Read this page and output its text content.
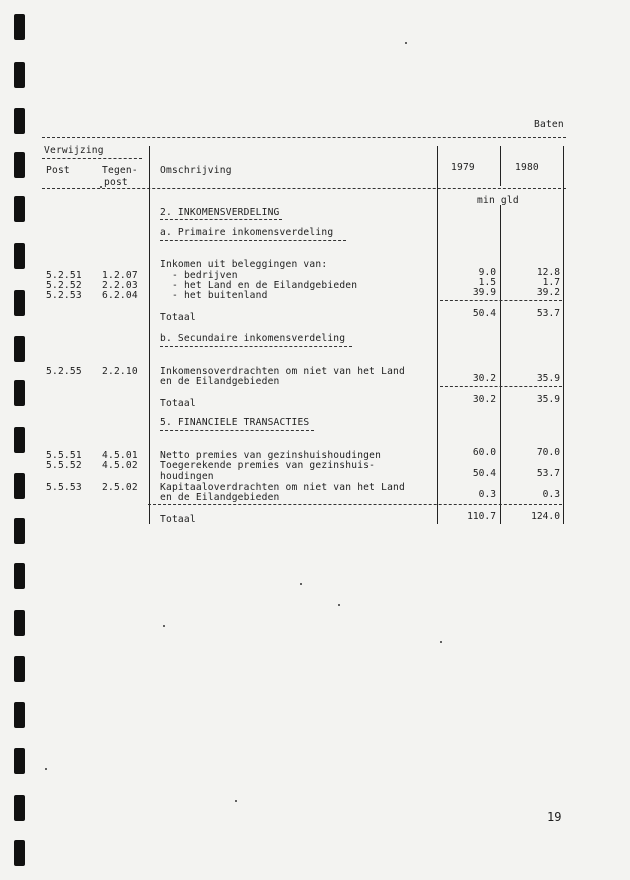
Baten
Verwijzing
Post	Tegen-
post
Omschrijving	1979	1980
min gld
2. INKOMENSVERDELING
a. Primaire inkomensverdeling
Inkomen uit beleggingen van:
5.2.51 1.2.07	- bedrijven	9.0	12.8
5.2.52 2.2.03	- het Land en de Eilandgebieden	1.5	1.7
5.2.53 6.2.04	- het buitenland	39.9	39.2
Totaal	50.4	53.7
b. Secundaire inkomensverdeling
5.2.55 2.2.10 Inkomensoverdrachten om niet van het Land
en de Eilandgebieden	30.2	35.9
Totaal	30.2	35.9
5. FINANCIELE TRANSACTIES
5.5.51 4.5.01 Netto premies van gezinshuishoudingen	60.0	70.0
5.5.52 4.5.02 Toegerekende premies van gezinshuis-
houdingen	50.4	53.7
5.5.53 2.5.02 Kapitaaloverdrachten om niet van het Land
en de Eilandgebieden	0.3	0.3
Totaal	110.7	124.0
19
